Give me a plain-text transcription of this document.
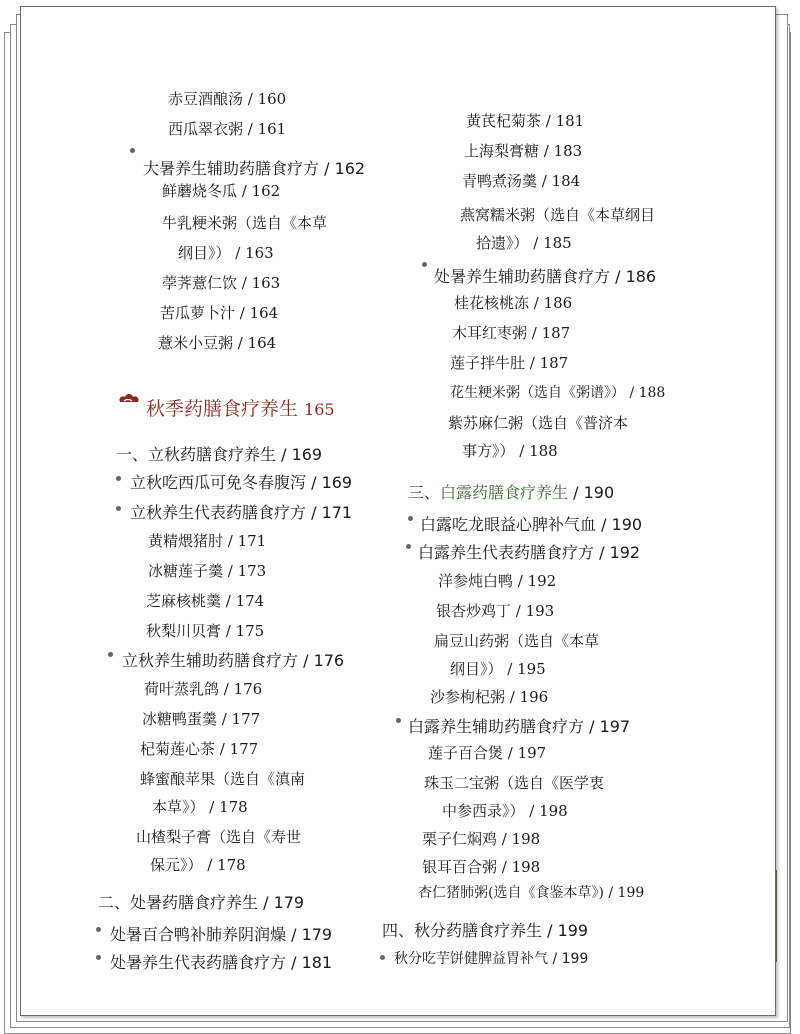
赤豆酒酿汤 / 160
西瓜翠衣粥 / 161
大暑养生辅助药膳食疗方 / 162
鲜蘑烧冬瓜 / 162
牛乳粳米粥（选自《本草
纲目》） / 163
荸荠薏仁饮 / 163
苦瓜萝卜汁 / 164
薏米小豆粥 / 164
秋季药膳食疗养生 165
一、立秋药膳食疗养生 / 169
立秋吃西瓜可免冬春腹泻 / 169
立秋养生代表药膳食疗方 / 171
黄精煨猪肘 / 171
冰糖莲子羹 / 173
芝麻核桃羹 / 174
秋梨川贝膏 / 175
立秋养生辅助药膳食疗方 / 176
荷叶蒸乳鸽 / 176
冰糖鸭蛋羹 / 177
杞菊莲心茶 / 177
蜂蜜酿苹果（选自《滇南
本草》） / 178
山楂梨子膏（选自《寿世
保元》） / 178
二、处暑药膳食疗养生 / 179
处暑百合鸭补肺养阴润燥 / 179
处暑养生代表药膳食疗方 / 181
黄芪杞菊茶 / 181
上海梨膏糖 / 183
青鸭煮汤羹 / 184
燕窝糯米粥（选自《本草纲目
拾遗》） / 185
处暑养生辅助药膳食疗方 / 186
桂花核桃冻 / 186
木耳红枣粥 / 187
莲子拌牛肚 / 187
花生粳米粥（选自《粥谱》） / 188
紫苏麻仁粥（选自《普济本
事方》） / 188
三、白露药膳食疗养生 / 190
白露吃龙眼益心脾补气血 / 190
白露养生代表药膳食疗方 / 192
洋参炖白鸭 / 192
银杏炒鸡丁 / 193
扁豆山药粥（选自《本草
纲目》） / 195
沙参枸杞粥 / 196
白露养生辅助药膳食疗方 / 197
莲子百合煲 / 197
珠玉二宝粥（选自《医学衷
中参西录》） / 198
栗子仁焖鸡 / 198
银耳百合粥 / 198
杏仁猪肺粥(选自《食鉴本草》) / 199
四、秋分药膳食疗养生 / 199
秋分吃芋饼健脾益胃补气 / 199
